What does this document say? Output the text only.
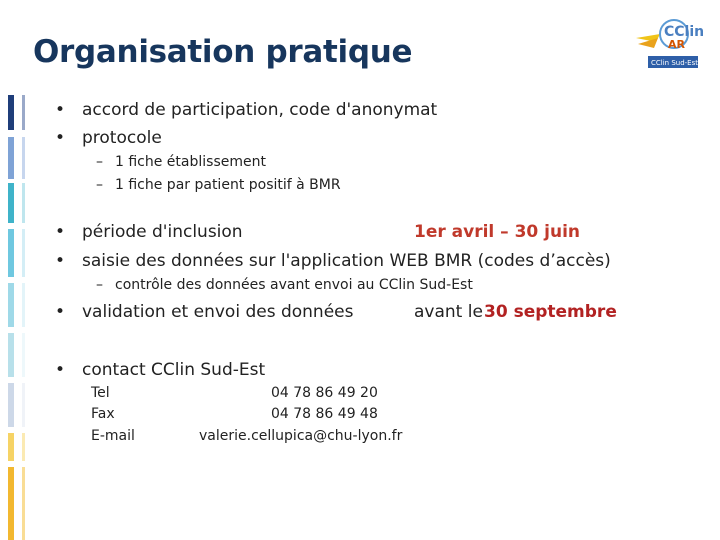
Organisation pratique
CClin
AR
CClin Sud-Est
• accord de participation, code d'anonymat
• protocole
– 1 fiche établissement
– 1 fiche par patient positif à BMR
• période d'inclusion	1er avril – 30 juin
• saisie des données sur l'application WEB BMR (codes d’accès)
– contrôle des données avant envoi au CClin Sud-Est
• validation et envoi des données	avant le 30 septembre
• contact CClin Sud-Est
Tel	04 78 86 49 20
Fax	04 78 86 49 48
E-mail	valerie.cellupica@chu-lyon.fr
